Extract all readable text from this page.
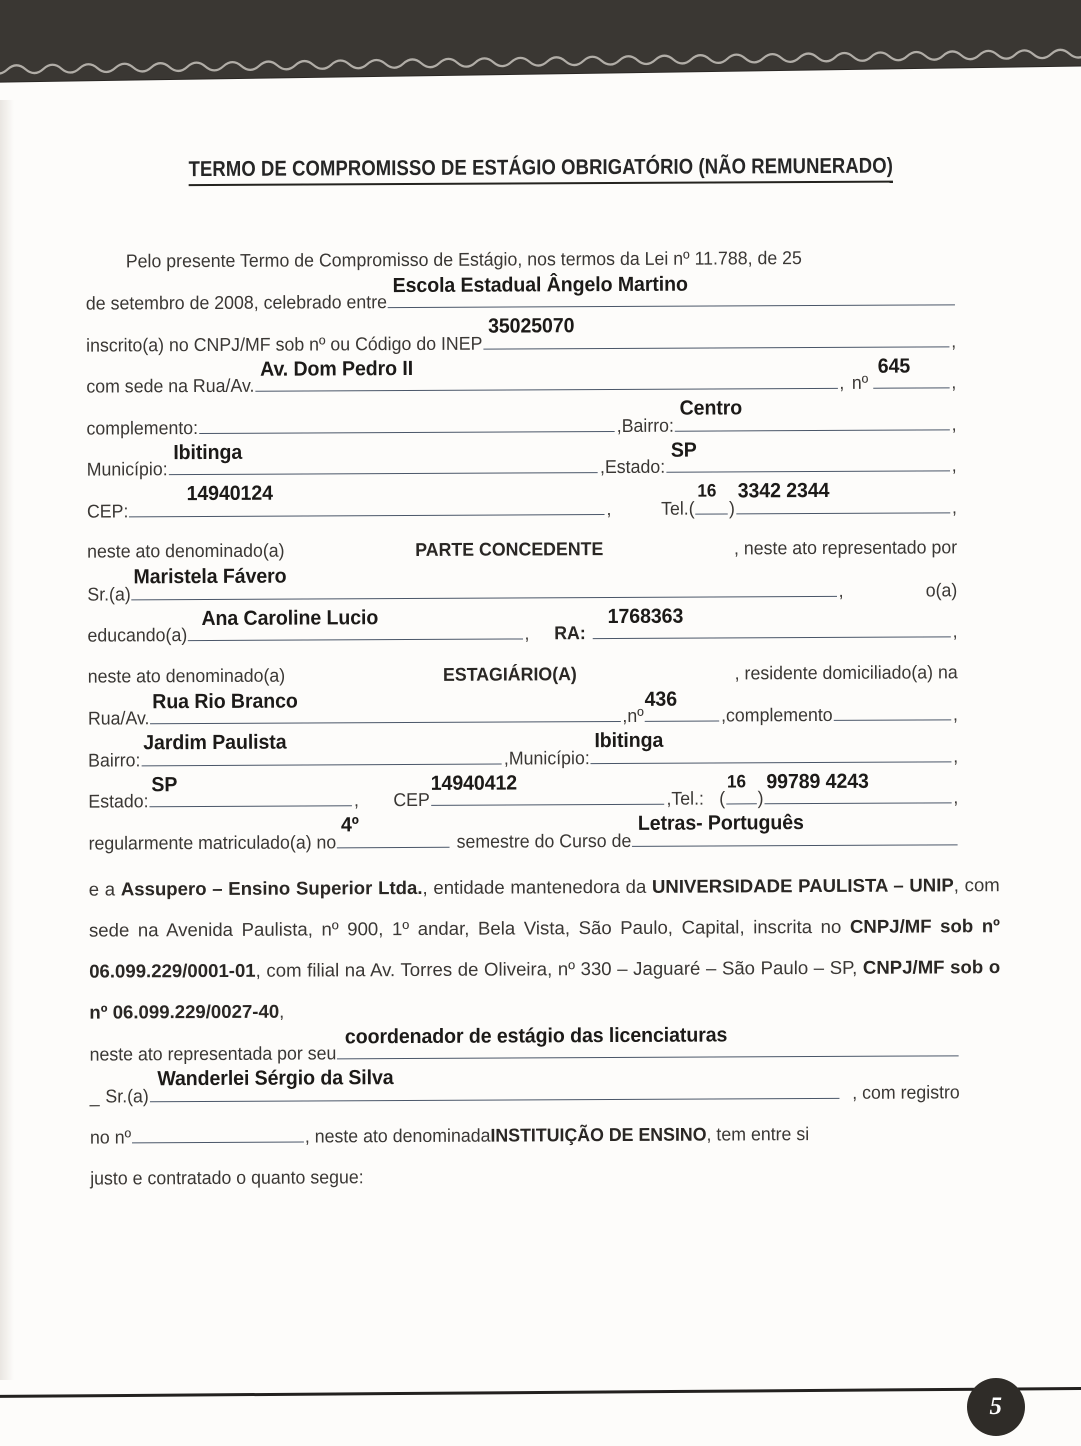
TERMO DE COMPROMISSO DE ESTÁGIO OBRIGATÓRIO (NÃO REMUNERADO)
Pelo presente Termo de Compromisso de Estágio, nos termos da Lei nº 11.788, de 25
de setembro de 2008, celebrado entre
Escola Estadual Ângelo Martino
inscrito(a) no CNPJ/MF sob nº ou Código do INEP
35025070
,
com sede na Rua/Av.
Av. Dom Pedro II
, nº
645
,
complemento:	, Bairro:
Centro
,
Município:
Ibitinga
, Estado:
SP
,
CEP:
14940124
,	Tel.(
16
)
3342 2344
,
neste ato denominado(a)	PARTE CONCEDENTE	, neste ato representado por
Sr.(a)
Maristela Fávero
,	o(a)
educando(a)
Ana Caroline Lucio
,	RA:
1768363
,
neste ato denominado(a)	ESTAGIÁRIO(A)	, residente domiciliado(a) na
Rua/Av.
Rua Rio Branco
, nº
436
, complemento	,
Bairro:
Jardim Paulista
, Município:
Ibitinga
,
Estado:
SP
,	CEP
14940412
, Tel.: (
16
)
99789 4243
,
regularmente matriculado(a) no
4º
semestre do Curso de
Letras- Português

e a Assupero – Ensino Superior Ltda., entidade mantenedora da UNIVERSIDADE PAULISTA – UNIP, com sede na Avenida Paulista, nº 900, 1º andar, Bela Vista, São Paulo, Capital, inscrita no CNPJ/MF sob nº 06.099.229/0001-01, com filial na Av. Torres de Oliveira, nº 330 – Jaguaré – São Paulo – SP, CNPJ/MF sob o nº 06.099.229/0027-40,

neste ato representada por seu
coordenador de estágio das licenciaturas
_ Sr.(a)
Wanderlei Sérgio da Silva
, com registro
no nº	, neste ato denominada INSTITUIÇÃO DE ENSINO , tem entre si
justo e contratado o quanto segue:
5
